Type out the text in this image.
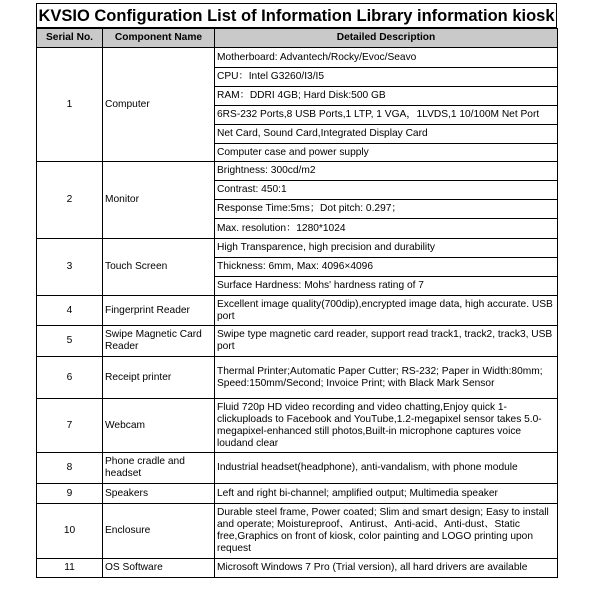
KVSIO Configuration List of Information Library information kiosk
Serial No.	Component Name	Detailed Description
1	Computer	Motherboard: Advantech/Rocky/Evoc/Seavo
		CPU：Intel G3260/I3/I5
		RAM：DDRI 4GB; Hard Disk:500 GB
		6RS-232 Ports,8 USB Ports,1 LTP, 1 VGA，1LVDS,1 10/100M Net Port
		Net Card, Sound Card,Integrated Display Card
		Computer case and power supply
2	Monitor	Brightness: 300cd/m2
		Contrast: 450:1
		Response Time:5ms；Dot pitch: 0.297；
		Max. resolution：1280*1024
3	Touch Screen	High Transparence, high precision and durability
		Thickness: 6mm, Max: 4096×4096
		Surface Hardness: Mohs' hardness rating of 7
4	Fingerprint Reader	Excellent image quality(700dip),encrypted image data, high accurate. USB port
5	Swipe Magnetic Card Reader	Swipe type magnetic card reader, support read track1, track2, track3, USB port
6	Receipt printer	Thermal Printer;Automatic Paper Cutter; RS-232; Paper in Width:80mm; Speed:150mm/Second; Invoice Print; with Black Mark Sensor
7	Webcam	Fluid 720p HD video recording and video chatting,Enjoy quick 1-clickuploads to Facebook and YouTube,1.2-megapixel sensor takes 5.0-megapixel-enhanced still photos,Built-in microphone captures voice loudand clear
8	Phone cradle and headset	Industrial headset(headphone), anti-vandalism, with phone module
9	Speakers	Left and right bi-channel; amplified output; Multimedia speaker
10	Enclosure	Durable steel frame, Power coated; Slim and smart design; Easy to install and operate; Moistureproof、Antirust、Anti-acid、Anti-dust、Static free,Graphics on front of kiosk, color painting and LOGO printing upon request
11	OS Software	Microsoft Windows 7 Pro (Trial version), all hard drivers are available
